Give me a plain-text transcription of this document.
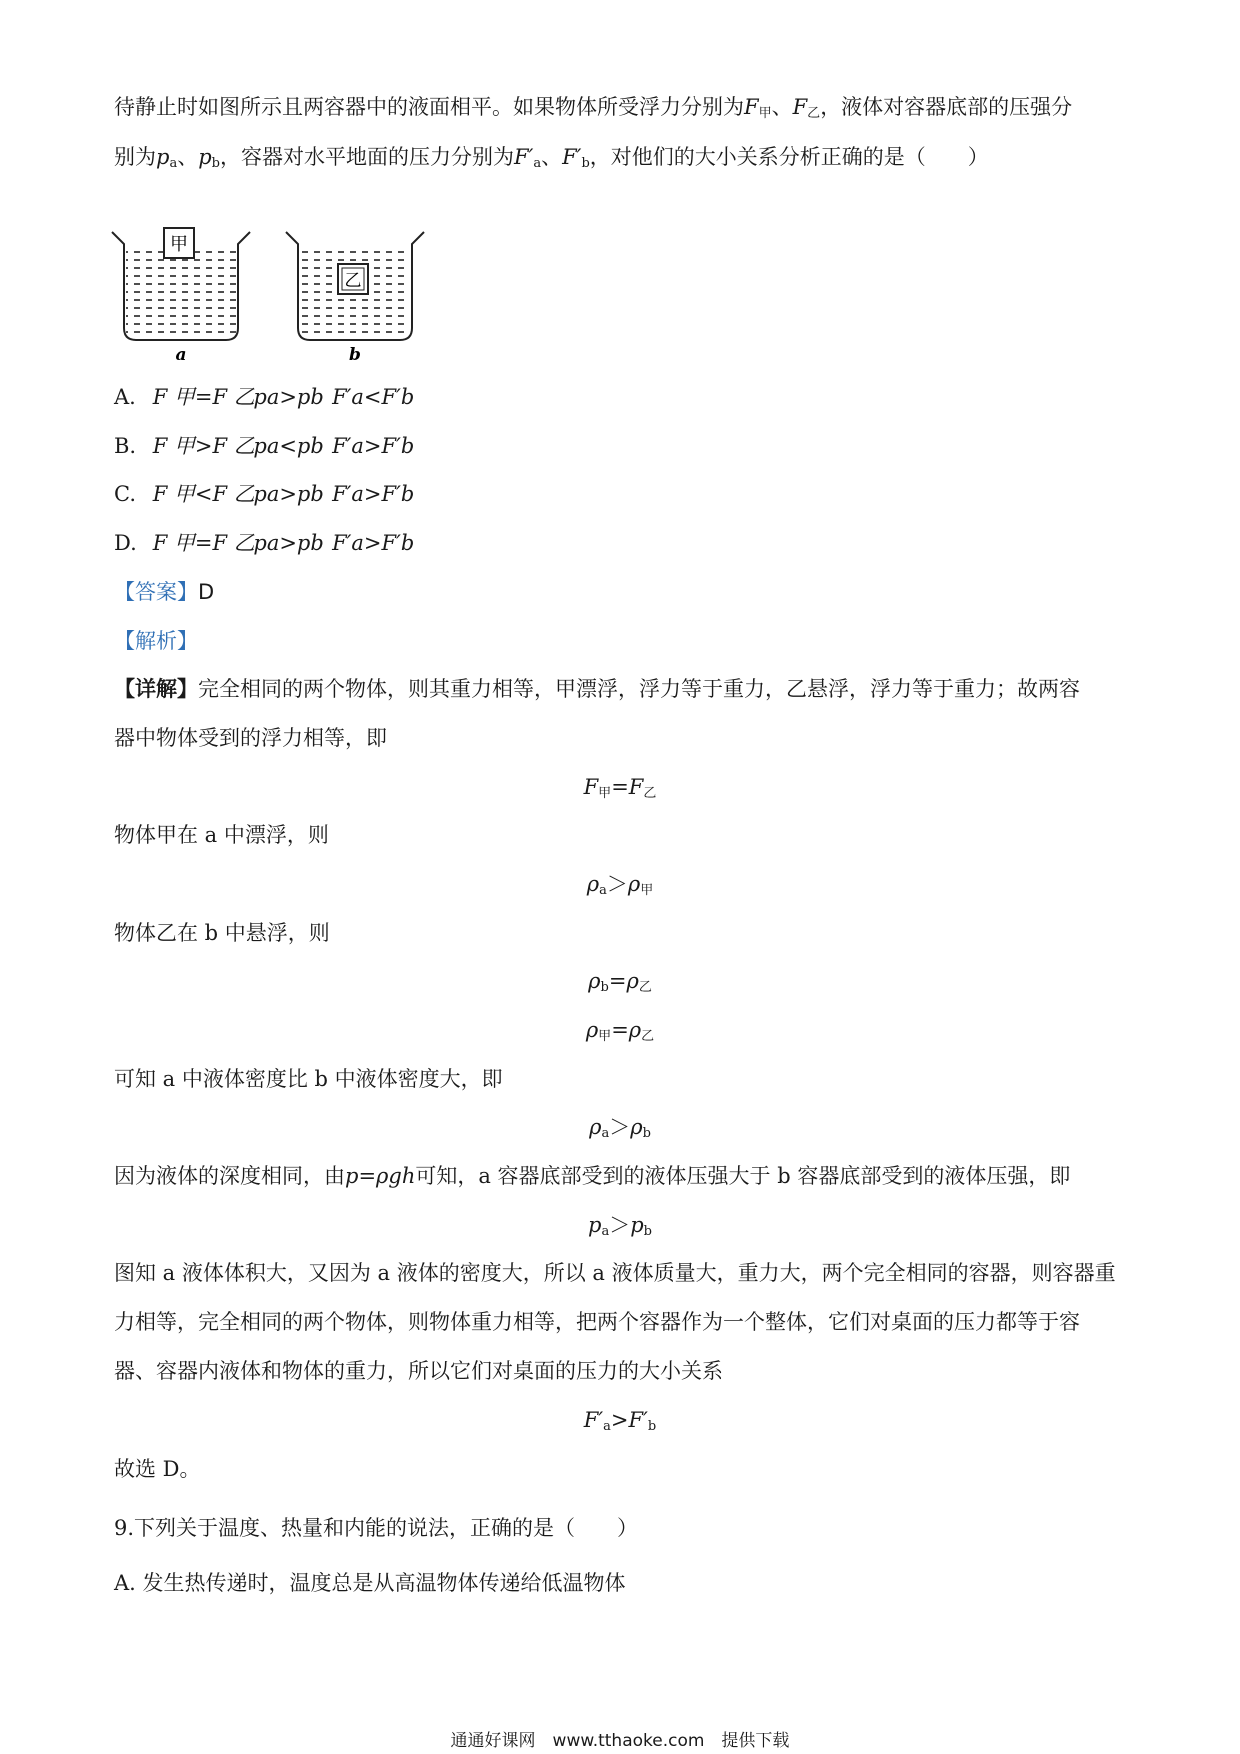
待静止时如图所示且两容器中的液面相平。如果物体所受浮力分别为$F_甲$、$F_乙$，液体对容器底部的压强分
别为$p_a$、$p_b$，容器对水平地面的压力分别为$F'_a$、$F'_b$，对他们的大小关系分析正确的是（　　）
甲
a
乙
b
A. F 甲=F 乙 pa>pb F′a<F′b
B. F 甲>F 乙 pa<pb F′a>F′b
C. F 甲<F 乙 pa>pb F′a>F′b
D. F 甲=F 乙 pa>pb F′a>F′b
【答案】D
【解析】
【详解】完全相同的两个物体，则其重力相等，甲漂浮，浮力等于重力，乙悬浮，浮力等于重力；故两容
器中物体受到的浮力相等，即
$F_甲=F_乙$
物体甲在 a 中漂浮，则
$\rho_a>\rho_甲$
物体乙在 b 中悬浮，则
$\rho_b=\rho_乙$
$\rho_甲=\rho_乙$
可知 a 中液体密度比 b 中液体密度大，即
$\rho_a>\rho_b$
因为液体的深度相同，由p=ρgh可知，a 容器底部受到的液体压强大于 b 容器底部受到的液体压强，即
$p_a>p_b$
图知 a 液体体积大，又因为 a 液体的密度大，所以 a 液体质量大，重力大，两个完全相同的容器，则容器重
力相等，完全相同的两个物体，则物体重力相等，把两个容器作为一个整体，它们对桌面的压力都等于容
器、容器内液体和物体的重力，所以它们对桌面的压力的大小关系
$F'_a>F'_b$
故选 D。
9.下列关于温度、热量和内能的说法，正确的是（　　）
A. 发生热传递时，温度总是从高温物体传递给低温物体
通通好课网　www.tthaoke.com　提供下载
